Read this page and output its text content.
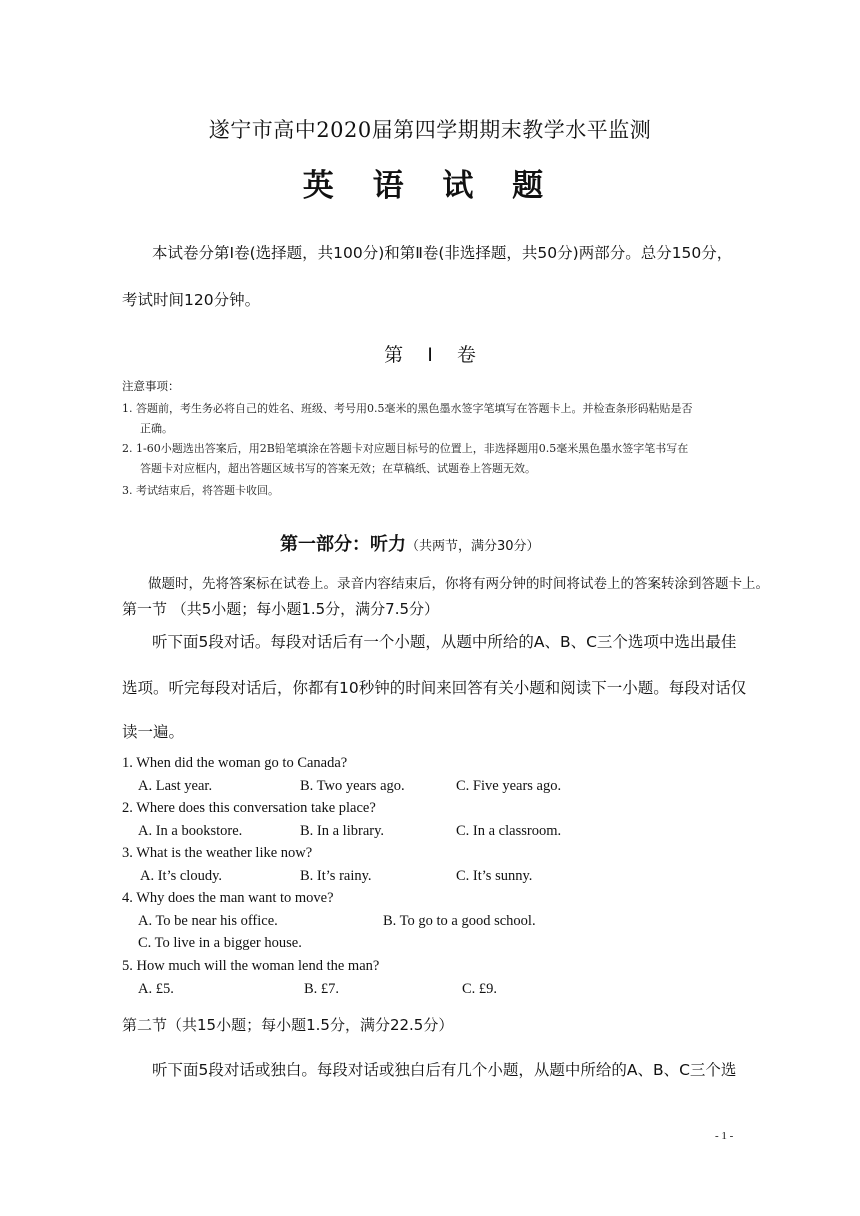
遂宁市高中2020届第四学期期末教学水平监测
英 语 试 题
本试卷分第Ⅰ卷(选择题，共100分)和第Ⅱ卷(非选择题，共50分)两部分。总分150分，
考试时间120分钟。
第 Ⅰ 卷
注意事项：
1. 答题前，考生务必将自己的姓名、班级、考号用0.5毫米的黑色墨水签字笔填写在答题卡上。并检查条形码粘贴是否
正确。
2. 1-60小题选出答案后，用2B铅笔填涂在答题卡对应题目标号的位置上，非选择题用0.5毫米黑色墨水签字笔书写在
答题卡对应框内，超出答题区域书写的答案无效；在草稿纸、试题卷上答题无效。
3. 考试结束后，将答题卡收回。
第一部分：听力（共两节，满分30分）
做题时，先将答案标在试卷上。录音内容结束后，你将有两分钟的时间将试卷上的答案转涂到答题卡上。
第一节 （共5小题；每小题1.5分，满分7.5分）
听下面5段对话。每段对话后有一个小题，从题中所给的A、B、C三个选项中选出最佳
选项。听完每段对话后，你都有10秒钟的时间来回答有关小题和阅读下一小题。每段对话仅
读一遍。
1. When did the woman go to Canada?
A. Last year.	B. Two years ago.	C. Five years ago.
2. Where does this conversation take place?
A. In a bookstore.	B. In a library.	C. In a classroom.
3. What is the weather like now?
A. It’s cloudy.	B. It’s rainy.	C. It’s sunny.
4. Why does the man want to move?
A. To be near his office.	B. To go to a good school.
C. To live in a bigger house.
5. How much will the woman lend the man?
A. £5.	B. £7.	C. £9.
第二节（共15小题；每小题1.5分，满分22.5分）
听下面5段对话或独白。每段对话或独白后有几个小题，从题中所给的A、B、C三个选
- 1 -
